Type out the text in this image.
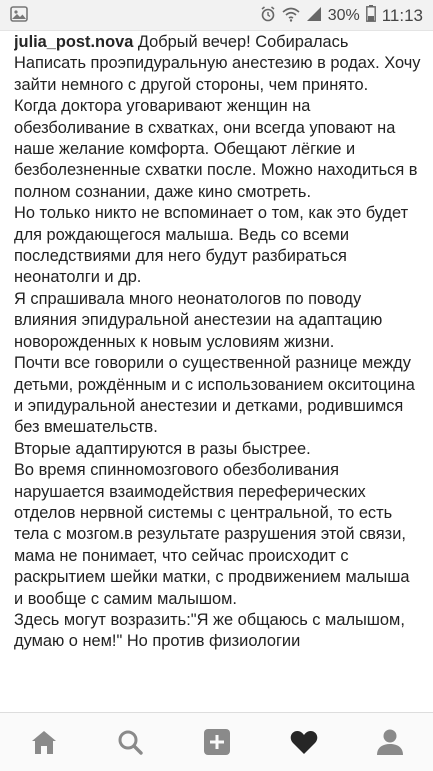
30% 11:13

julia_post.nova Добрый вечер! Собиралась

Написать проэпидуральную анестезию в родах. Хочу зайти немного с другой стороны, чем принято.

Когда доктора уговаривают женщин на обезболивание в схватках, они всегда уповают на наше желание комфорта. Обещают лёгкие и безболезненные схватки после. Можно находиться в полном сознании, даже кино смотреть.

Но только никто не вспоминает о том, как это будет для рождающегося малыша. Ведь со всеми последствиями для него будут разбираться неонатолги и др.

Я спрашивала много неонатологов по поводу влияния эпидуральной анестезии на адаптацию новорожденных к новым условиям жизни.

Почти все говорили о существенной разнице между детьми, рождённым и с использованием окситоцина и эпидуральной анестезии и детками, родившимся без вмешательств.

Вторые адаптируются в разы быстрее.

Во время спинномозгового обезболивания нарушается взаимодействия переферических отделов нервной системы с центральной, то есть тела с мозгом.в результате разрушения этой связи, мама не понимает, что сейчас происходит с раскрытием шейки матки, с продвижением малыша и вообще с самим малышом.

Здесь могут возразить:"Я же общаюсь с малышом, думаю о нем!" Но против физиологии
